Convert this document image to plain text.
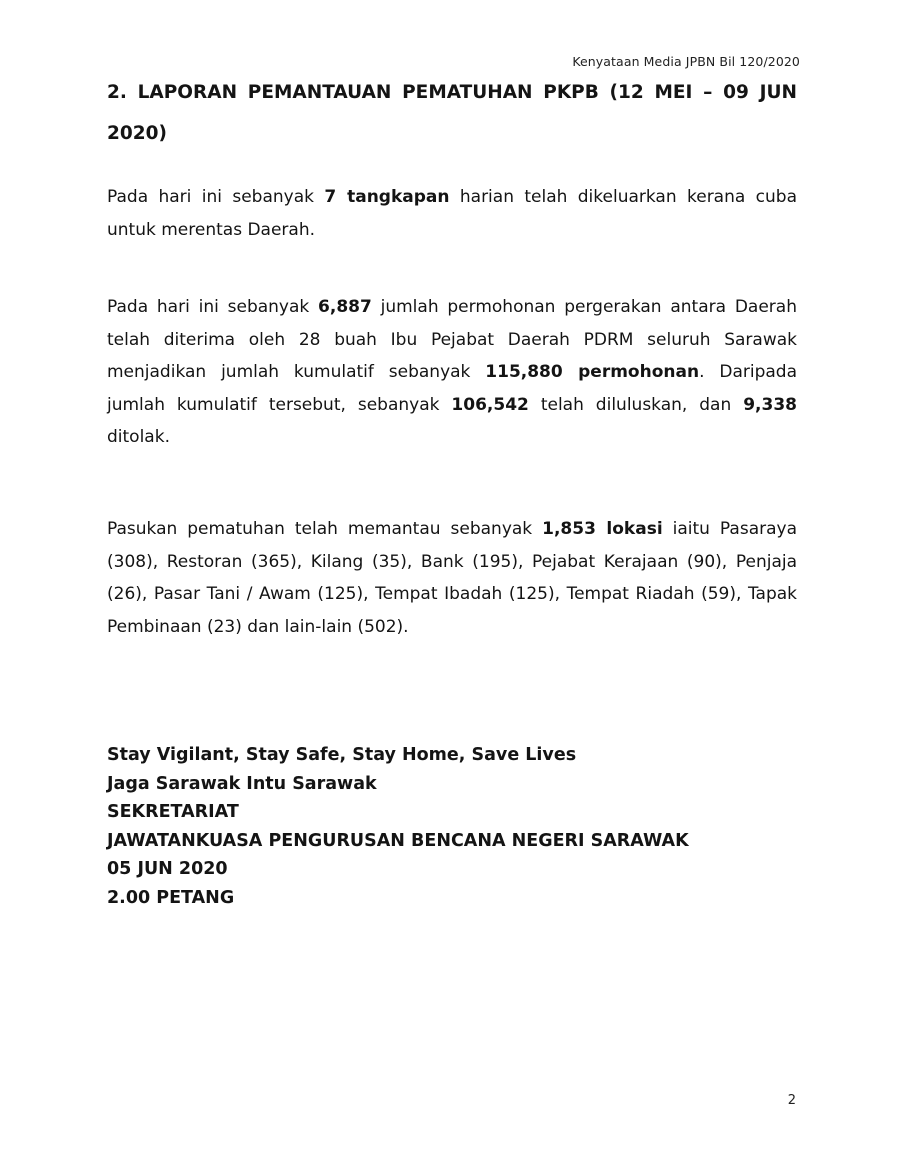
Kenyataan Media JPBN Bil 120/2020
2. LAPORAN PEMANTAUAN PEMATUHAN PKPB (12 MEI – 09 JUN 2020)

Pada hari ini sebanyak 7 tangkapan harian telah dikeluarkan kerana cuba untuk merentas Daerah.

Pada hari ini sebanyak 6,887 jumlah permohonan pergerakan antara Daerah telah diterima oleh 28 buah Ibu Pejabat Daerah PDRM seluruh Sarawak menjadikan jumlah kumulatif sebanyak 115,880 permohonan. Daripada jumlah kumulatif tersebut, sebanyak 106,542 telah diluluskan, dan 9,338 ditolak.

Pasukan pematuhan telah memantau sebanyak 1,853 lokasi iaitu Pasaraya (308), Restoran (365), Kilang (35), Bank (195), Pejabat Kerajaan (90), Penjaja (26), Pasar Tani / Awam (125), Tempat Ibadah (125), Tempat Riadah (59), Tapak Pembinaan (23) dan lain-lain (502).

Stay Vigilant, Stay Safe, Stay Home, Save Lives
Jaga Sarawak Intu Sarawak
SEKRETARIAT
JAWATANKUASA PENGURUSAN BENCANA NEGERI SARAWAK
05 JUN 2020
2.00 PETANG
2
